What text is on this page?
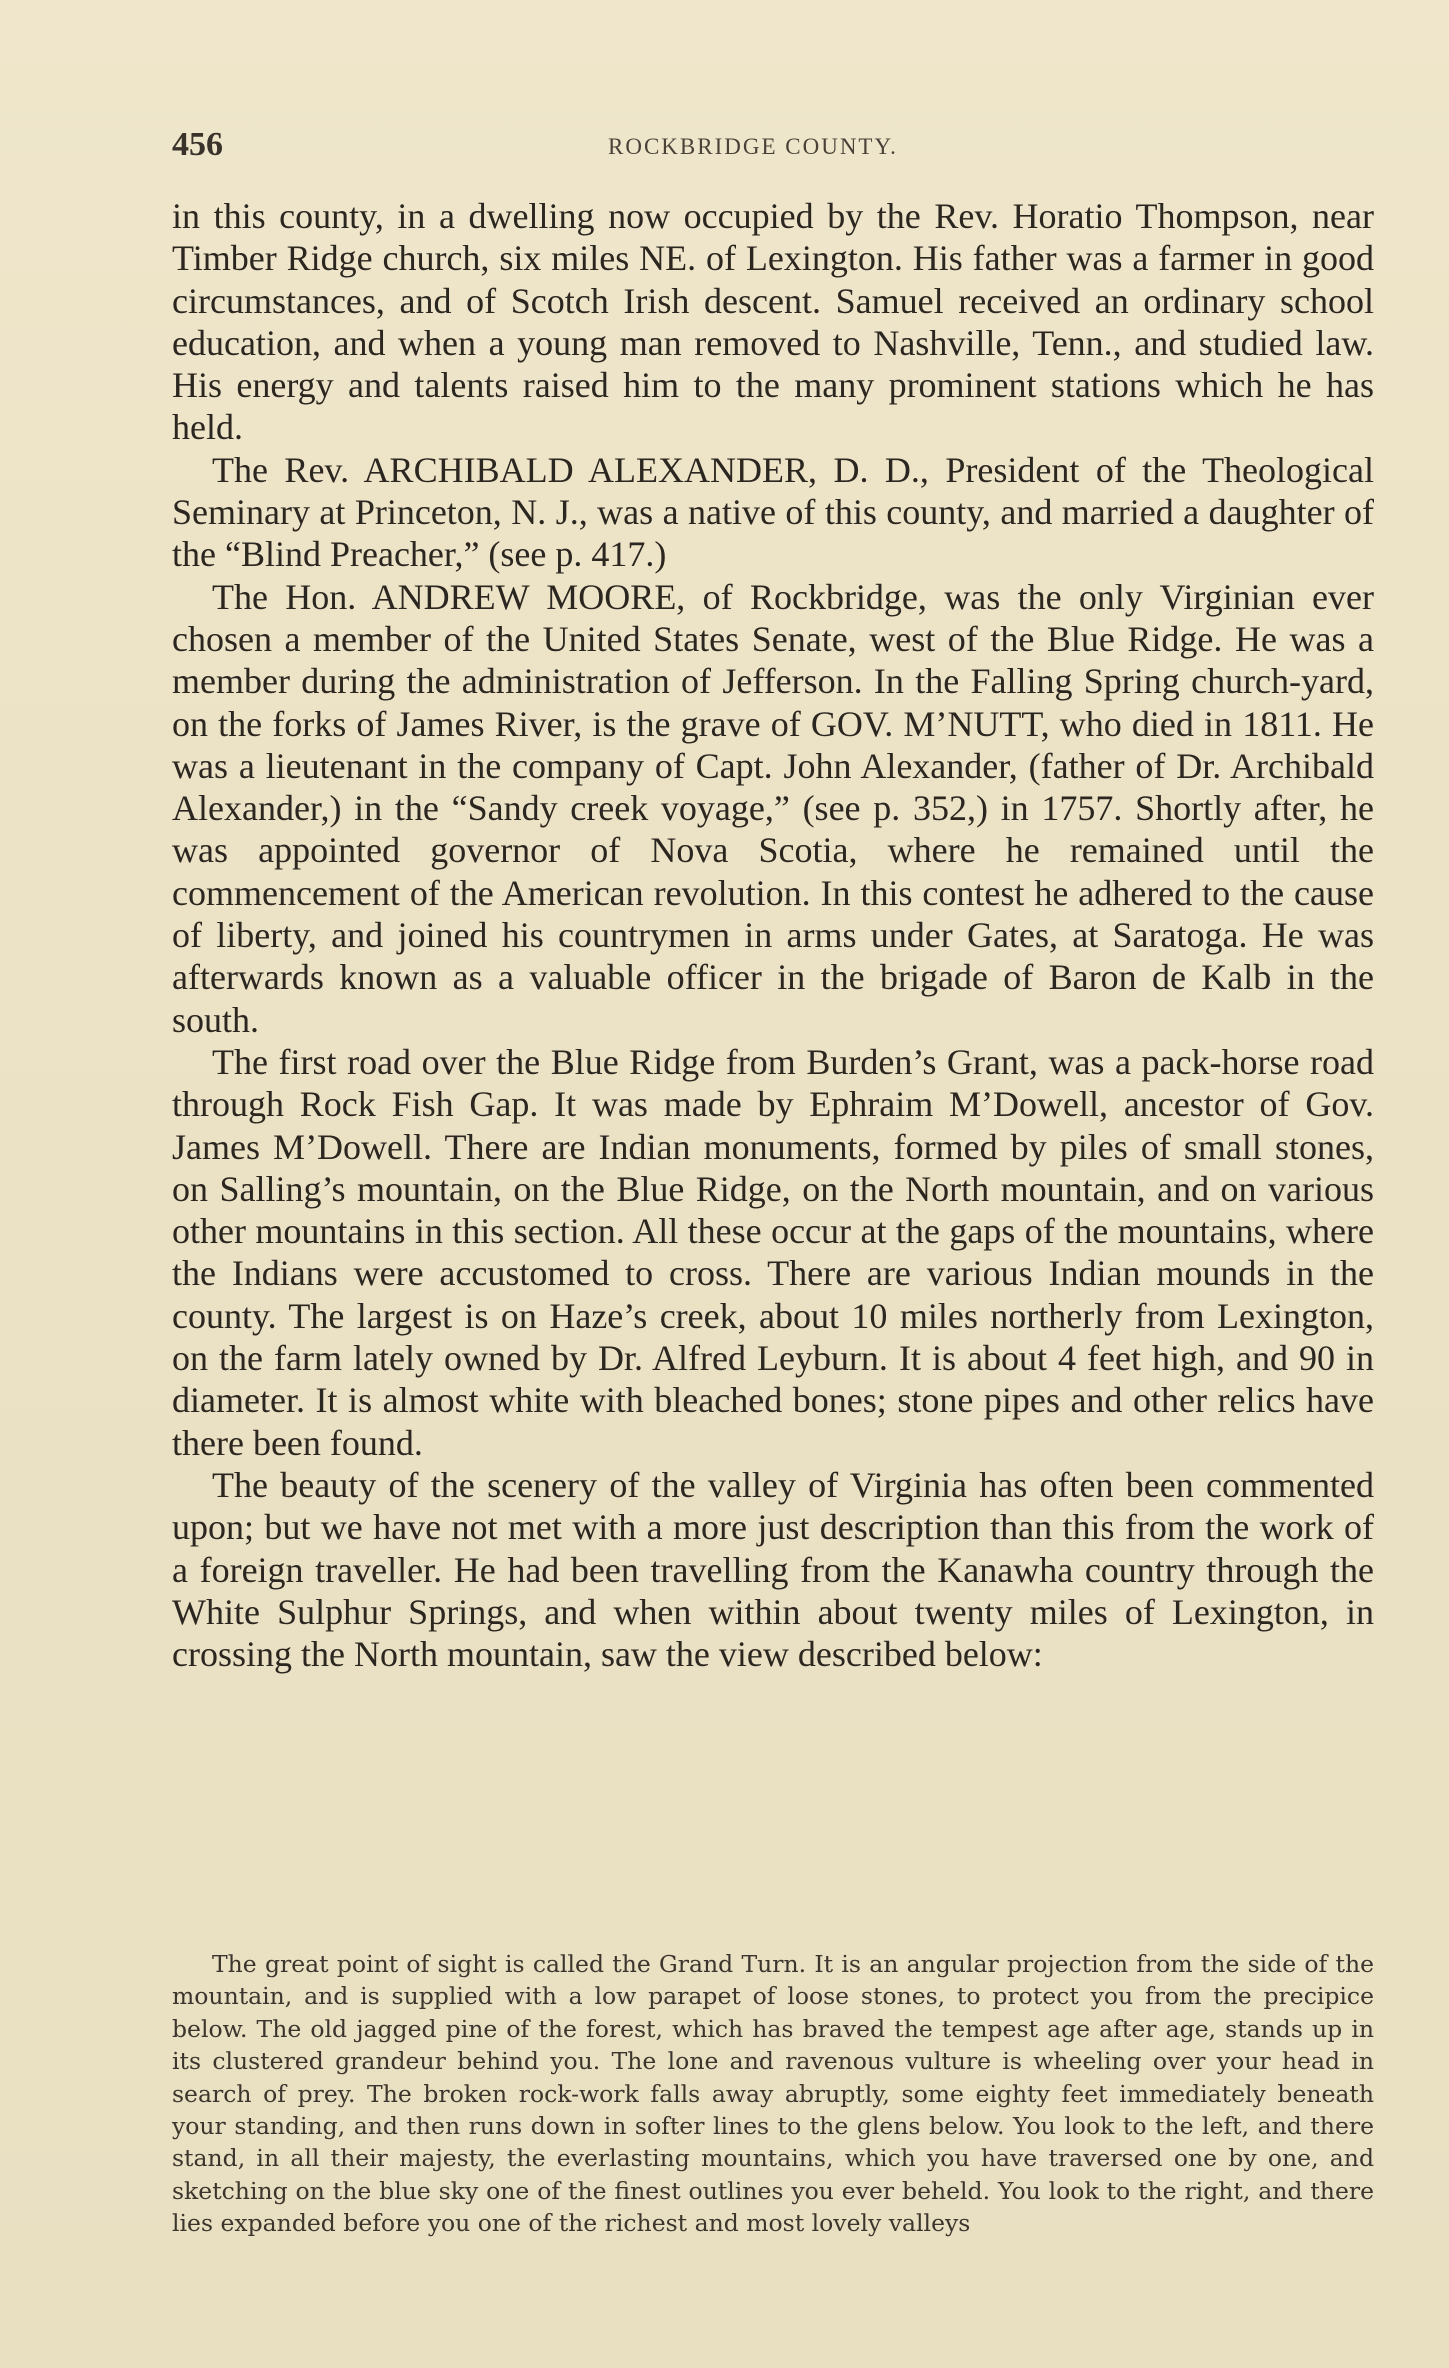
456	ROCKBRIDGE COUNTY.

in this county, in a dwelling now occupied by the Rev. Horatio Thompson, near Timber Ridge church, six miles NE. of Lexington. His father was a farmer in good circumstances, and of Scotch Irish descent. Samuel received an ordinary school education, and when a young man removed to Nashville, Tenn., and studied law. His energy and talents raised him to the many prominent stations which he has held.

The Rev. ARCHIBALD ALEXANDER, D. D., President of the Theological Seminary at Princeton, N. J., was a native of this county, and married a daughter of the “Blind Preacher,” (see p. 417.)

The Hon. ANDREW MOORE, of Rockbridge, was the only Virginian ever chosen a member of the United States Senate, west of the Blue Ridge. He was a member during the administration of Jefferson. In the Falling Spring church-yard, on the forks of James River, is the grave of GOV. M’NUTT, who died in 1811. He was a lieutenant in the company of Capt. John Alexander, (father of Dr. Archibald Alexander,) in the “Sandy creek voyage,” (see p. 352,) in 1757. Shortly after, he was appointed governor of Nova Scotia, where he remained until the commencement of the American revolution. In this contest he adhered to the cause of liberty, and joined his countrymen in arms under Gates, at Saratoga. He was afterwards known as a valuable officer in the brigade of Baron de Kalb in the south.

The first road over the Blue Ridge from Burden’s Grant, was a pack-horse road through Rock Fish Gap. It was made by Ephraim M’Dowell, ancestor of Gov. James M’Dowell. There are Indian monuments, formed by piles of small stones, on Salling’s mountain, on the Blue Ridge, on the North mountain, and on various other mountains in this section. All these occur at the gaps of the mountains, where the Indians were accustomed to cross. There are various Indian mounds in the county. The largest is on Haze’s creek, about 10 miles northerly from Lexington, on the farm lately owned by Dr. Alfred Leyburn. It is about 4 feet high, and 90 in diameter. It is almost white with bleached bones; stone pipes and other relics have there been found.

The beauty of the scenery of the valley of Virginia has often been commented upon; but we have not met with a more just description than this from the work of a foreign traveller. He had been travelling from the Kanawha country through the White Sulphur Springs, and when within about twenty miles of Lexington, in crossing the North mountain, saw the view described below:

The great point of sight is called the Grand Turn. It is an angular projection from the side of the mountain, and is supplied with a low parapet of loose stones, to protect you from the precipice below. The old jagged pine of the forest, which has braved the tempest age after age, stands up in its clustered grandeur behind you. The lone and ravenous vulture is wheeling over your head in search of prey. The broken rock-work falls away abruptly, some eighty feet immediately beneath your standing, and then runs down in softer lines to the glens below. You look to the left, and there stand, in all their majesty, the everlasting mountains, which you have traversed one by one, and sketching on the blue sky one of the finest outlines you ever beheld. You look to the right, and there lies expanded before you one of the richest and most lovely valleys
